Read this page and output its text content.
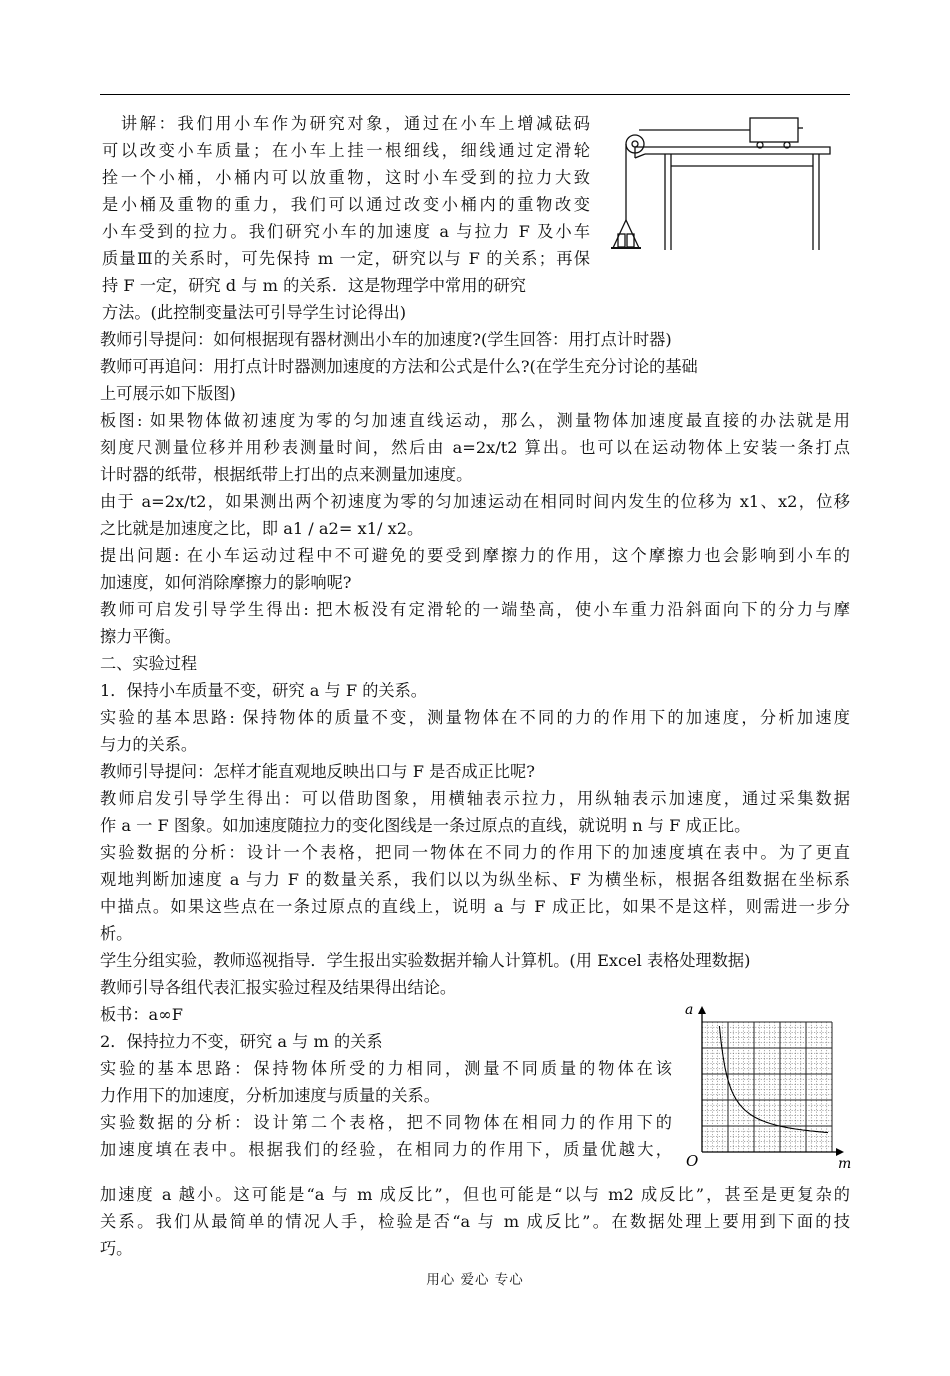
　讲解：我们用小车作为研究对象，通过在小车上增减砝码
可以改变小车质量；在小车上挂一根细线，细线通过定滑轮
拴一个小桶，小桶内可以放重物，这时小车受到的拉力大致
是小桶及重物的重力，我们可以通过改变小桶内的重物改变
小车受到的拉力。我们研究小车的加速度 a 与拉力 F 及小车
质量Ⅲ的关系时，可先保持 m 一定，研究以与 F 的关系；再保
持 F 一定，研究 d 与 m 的关系．这是物理学中常用的研究
方法。(此控制变量法可引导学生讨论得出)
教师引导提问：如何根据现有器材测出小车的加速度?(学生回答：用打点计时器)
教师可再追问：用打点计时器测加速度的方法和公式是什么?(在学生充分讨论的基础
上可展示如下版图)
板图: 如果物体做初速度为零的匀加速直线运动，那么，测量物体加速度最直接的办法就是用
刻度尺测量位移并用秒表测量时间，然后由 a=2x/t2 算出。也可以在运动物体上安装一条打点
计时器的纸带，根据纸带上打出的点来测量加速度。
由于 a=2x/t2，如果测出两个初速度为零的匀加速运动在相同时间内发生的位移为 x1、x2，位移
之比就是加速度之比，即 a1 / a2= x1/ x2。
提出问题: 在小车运动过程中不可避免的要受到摩擦力的作用，这个摩擦力也会影响到小车的
加速度，如何消除摩擦力的影响呢?
教师可启发引导学生得出: 把木板没有定滑轮的一端垫高，使小车重力沿斜面向下的分力与摩
擦力平衡。
二、实验过程
1．保持小车质量不变，研究 a 与 F 的关系。
实验的基本思路: 保持物体的质量不变，测量物体在不同的力的作用下的加速度，分析加速度
与力的关系。
教师引导提问：怎样才能直观地反映出口与 F 是否成正比呢?
教师启发引导学生得出：可以借助图象，用横轴表示拉力，用纵轴表示加速度，通过采集数据
作 a 一 F 图象。如加速度随拉力的变化图线是一条过原点的直线，就说明 n 与 F 成正比。
实验数据的分析：设计一个表格，把同一物体在不同力的作用下的加速度填在表中。为了更直
观地判断加速度 a 与力 F 的数量关系，我们以以为纵坐标、F 为横坐标，根据各组数据在坐标系
中描点。如果这些点在一条过原点的直线上，说明 a 与 F 成正比，如果不是这样，则需进一步分
析。
学生分组实验，教师巡视指导．学生报出实验数据并输人计算机。(用 Excel 表格处理数据)
教师引导各组代表汇报实验过程及结果得出结论。
板书：a∞F
2．保持拉力不变，研究 a 与 m 的关系
实验的基本思路：保持物体所受的力相同，测量不同质量的物体在该
力作用下的加速度，分析加速度与质量的关系。
实验数据的分析：设计第二个表格，把不同物体在相同力的作用下的
加速度填在表中。根据我们的经验，在相同力的作用下，质量优越大，
a
m
O
加速度 a 越小。这可能是“a 与 m 成反比”，但也可能是“以与 m2 成反比”，甚至是更复杂的
关系。我们从最简单的情况人手，检验是否“a 与 m 成反比”。在数据处理上要用到下面的技
巧。
用心 爱心 专心
